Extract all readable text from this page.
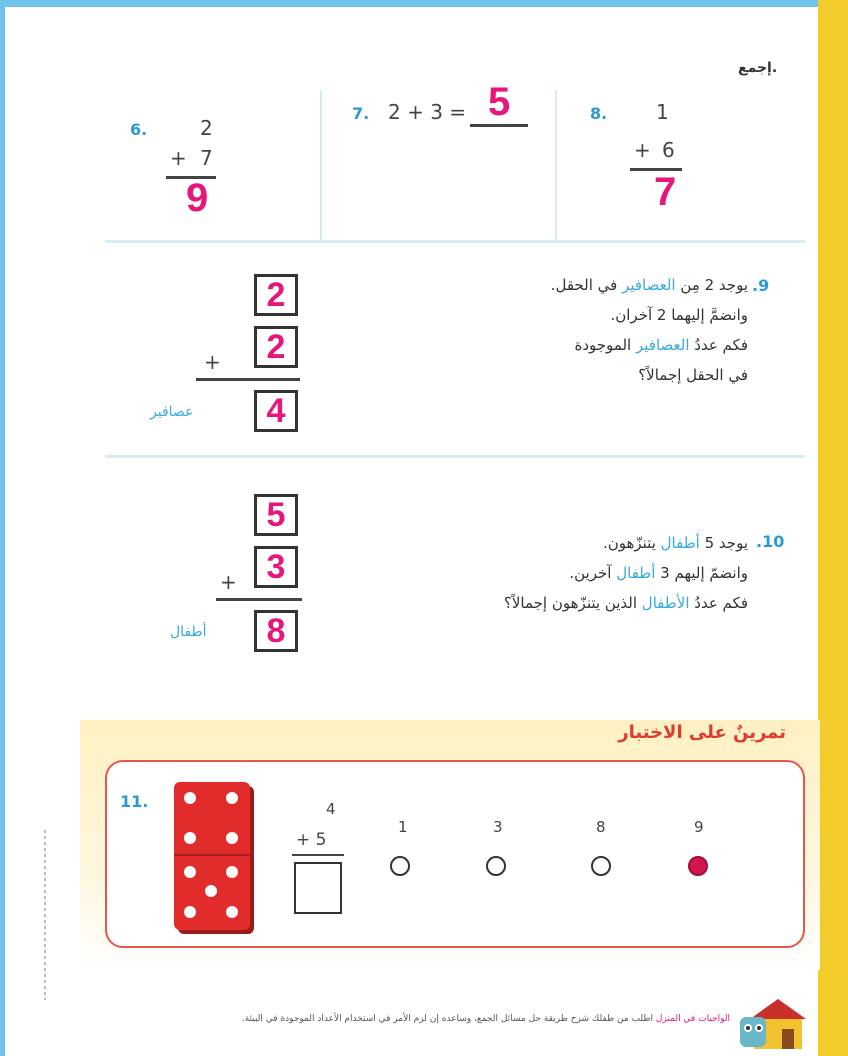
إجمع.
6.	2
+ 7
9
7. 2 + 3 = 5	8. 1
+ 6
7
2
2
+
4
عصافير
.9
يوجد 2 مِن العصافير في الحقل.
وانضمَّ إليهما 2 آخران.
فكم عددُ العصافير الموجودة
في الحقل إجمالاً؟
5
3
+
8
أطفال
.10
يوجد 5 أطفال يتنزّهون.
وانضمّ إليهم 3 أطفال آخرين.
فكم عددُ الأطفال الذين يتنزّهون إجمالاً؟
تمرينٌ على الاختبار
11.	4
+ 5
1	3	8	9
الواجبات في المنزل اطلب من طفلك شرح طريقة حل مسائل الجمع، وساعده إن لزم الأمر في استخدام الأعداد الموجودة في البيئة.
